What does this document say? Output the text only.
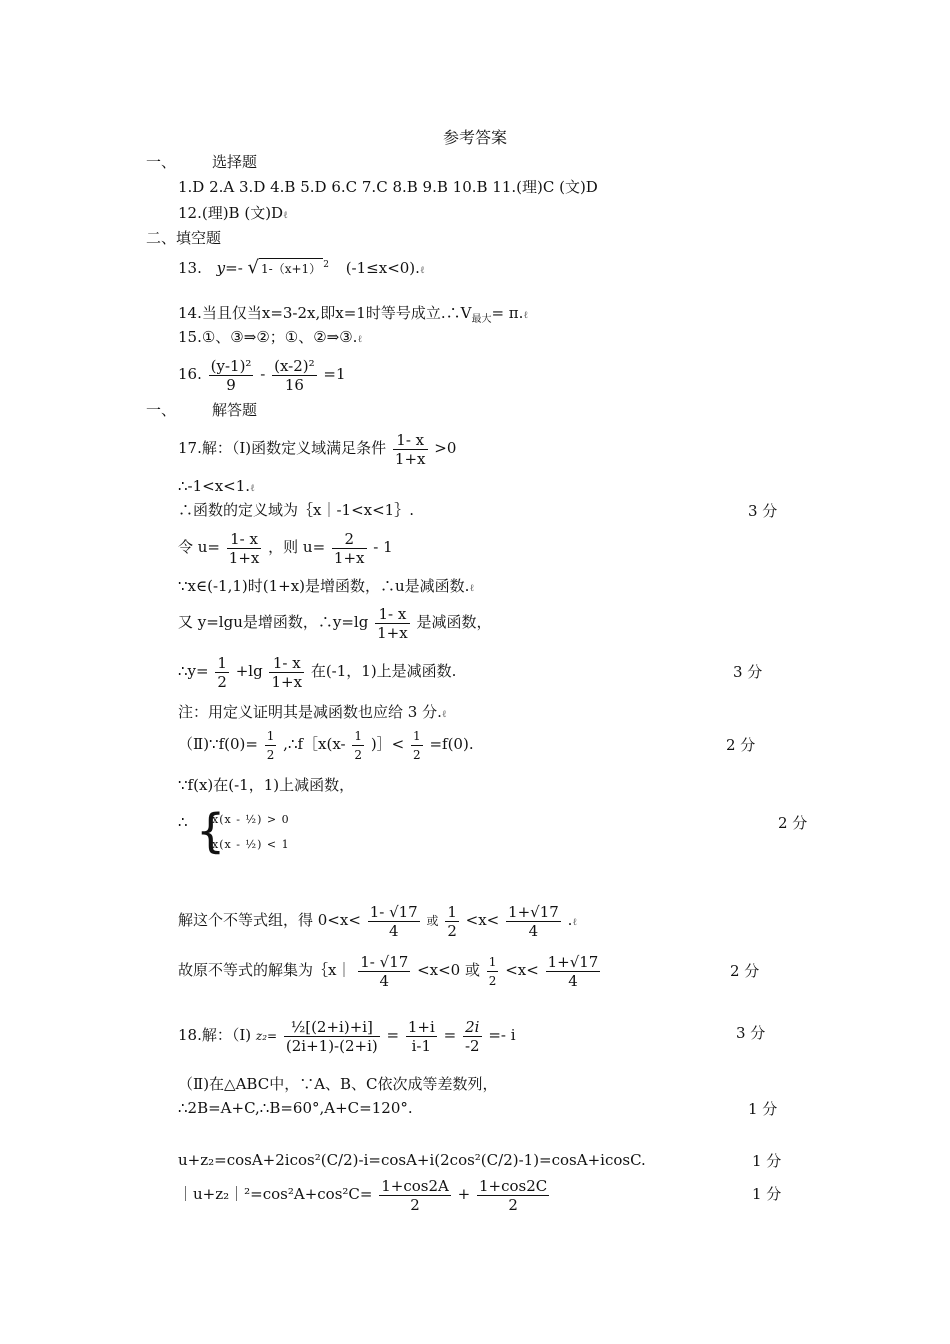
参考答案
一、 选择题
1.D 2.A 3.D 4.B 5.D 6.C 7.C 8.B 9.B 10.B 11.(理)C (文)D
12.(理)B (文)Dℓ
二、填空题
13. y=- √ 1-（x+1） $^2$ (-1≤x<0).ℓ
14.当且仅当x=3-2x,即x=1时等号成立$.\therefore V_{最大}=$ π.ℓ
15.①、③⇒②；①、②⇒③.ℓ
16. $\frac{\text{(y-1)²}}{9} - \frac{\text{(x-2)²}}{16} =1$
一、 解答题
17.解：（Ⅰ)函数定义域满足条件 $\frac{1- x}{1+x} >0$
∴-1<x<1.ℓ
∴函数的定义域为｛x｜-1<x<1｝.	3 分
令 $u= \frac{1- x}{1+x}$ ，则 $u= \frac{2}{1+x} - 1$
∵x∈(-1,1)时(1+x)是增函数，∴u是减函数.ℓ
又 y=lgu是增函数，∴y=lg $\frac{1- x}{1+x}$ 是减函数，
∴y= $\frac{1}{2} +\lg \frac{1- x}{1+x}$ 在(-1，1)上是减函数.	3 分
注：用定义证明其是减函数也应给 3 分.ℓ
（Ⅱ)∵f(0)= $\frac{1}{2}$ ,∴f［x(x- $\frac{1}{2}$ )］< $\frac{1}{2} =f(0)$.	2 分
∵f(x)在(-1，1)上减函数，
∴ {
x(x - ½) > 0
x(x - ½) < 1
2 分
解这个不等式组，得 $0<x< \frac{1- √17}{4}$ 或 $\frac{1}{2} <x< \frac{1+√17}{4}$ .ℓ
故原不等式的解集为｛x｜ $\frac{1- √17}{4} <x<0$ 或 $\frac{1}{2} <x< \frac{1+√17}{4}$	2 分
18.解：（Ⅰ) $z_2= \frac{\text{½[(2+i)+i]}}{(2i+1)-(2+i)} = \frac{1+i}{i-1} = \frac{2i}{-2} =- i$	3 分
（Ⅱ)在△ABC中，∵A、B、C依次成等差数列，
∴2B=A+C,∴B=60°,A+C=120°.	1 分
u+z₂=cosA+2icos²(C/2)-i=cosA+i(2cos²(C/2)-1)=cosA+icosC.	1 分
｜u+z₂｜²=cos²A+cos²C= $\frac{1+\cos 2A}{2} + \frac{1+\cos 2C}{2}$	1 分
